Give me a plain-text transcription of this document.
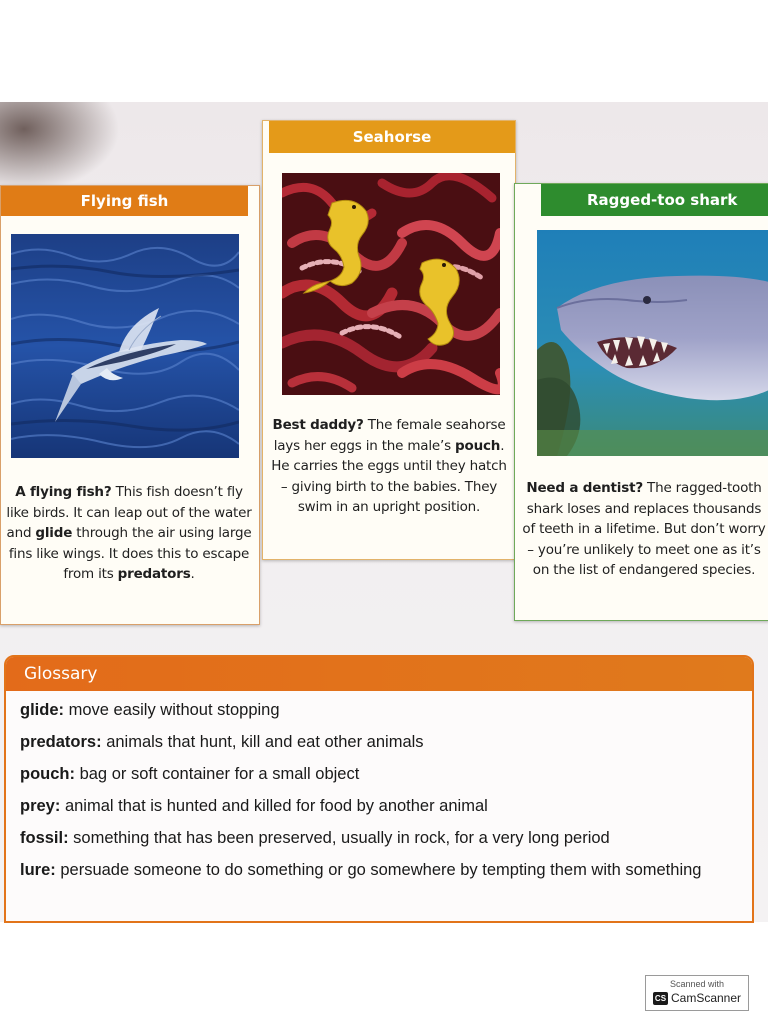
Flying fish
A flying fish? This fish doesn’t fly like birds. It can leap out of the water and glide through the air using large fins like wings. It does this to escape from its predators.
Seahorse
Best daddy? The female seahorse lays her eggs in the male’s pouch. He carries the eggs until they hatch – giving birth to the babies. They swim in an upright position.
Ragged-too shark
Need a dentist? The ragged-tooth shark loses and replaces thousands of teeth in a lifetime. But don’t worry – you’re unlikely to meet one as it’s on the list of endangered species.
Glossary
glide: move easily without stopping
predators: animals that hunt, kill and eat other animals
pouch: bag or soft container for a small object
prey: animal that is hunted and killed for food by another animal
fossil: something that has been preserved, usually in rock, for a very long period
lure: persuade someone to do something or go somewhere by tempting them with something
Scanned with
CS CamScanner
